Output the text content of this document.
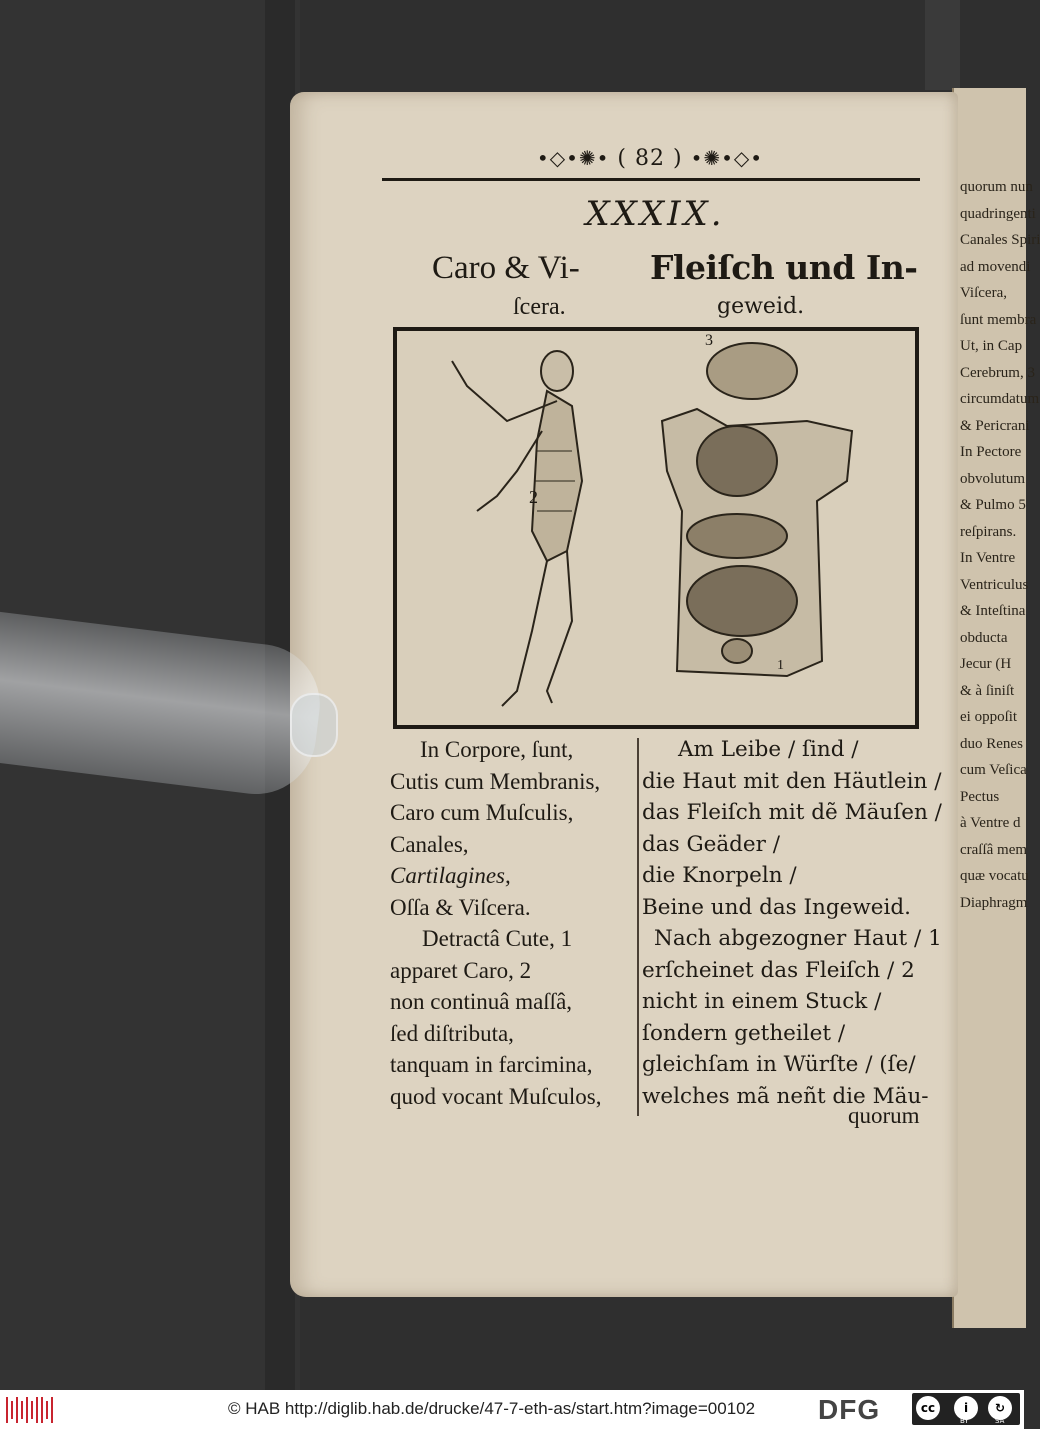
quorum nun
quadringenti
Canales Spiri
ad movendi
Viſcera,
ſunt membra
Ut, in Cap
Cerebrum, 3
circumdatum
& Pericrani
In Pectore
obvolutum
& Pulmo 5
reſpirans.
In Ventre
Ventriculus
& Inteſtina
obducta
Jecur (H
& à ſiniſt
ei oppoſit
duo Renes
cum Veſica
Pectus
à Ventre d
craſſâ mem
quæ vocatu
Diaphragm
•◇•✺• ( 82 ) •✺•◇•
XXXIX.
Caro & Vi-
ſcera.
Fleiſch und In-
geweid.
2
3
1
In Corpore, ſunt,
Cutis cum Membranis,
Caro cum Muſculis,
Canales,
Cartilagines,
Oſſa & Viſcera.
Detractâ Cute, 1
apparet Caro, 2
non continuâ maſſâ,
ſed diſtributa,
tanquam in farcimina,
quod vocant Muſculos,
Am Leibe / ſind /
die Haut mit den Häutlein /
das Fleiſch mit dẽ Mäuſen /
das Geäder /
die Knorpeln /
Beine und das Ingeweid.
Nach abgezogner Haut / 1
erſcheinet das Fleiſch / 2
nicht in einem Stuck /
ſondern getheilet /
gleichſam in Würſte / (ſe/
welches mã neñt die Mäu-
quorum
© HAB http://diglib.hab.de/drucke/47-7-eth-as/start.htm?image=00102 DFG	cc	i	↻
BY	SA
